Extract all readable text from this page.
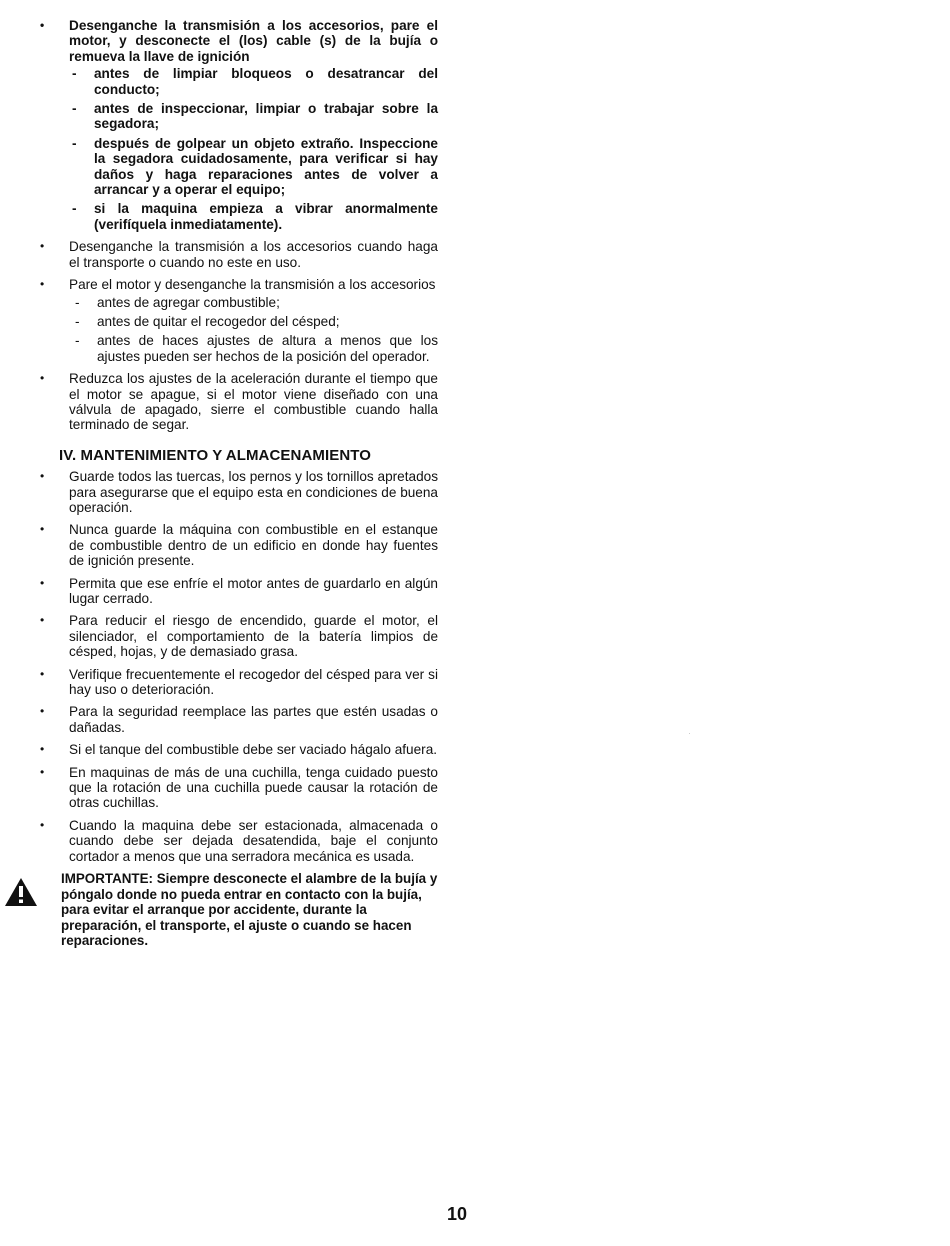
• Desenganche la transmisión a los accesorios, pare el motor, y desconecte el (los) cable (s) de la bujía o remueva la llave de ignición
- antes de limpiar bloqueos o desatrancar del conducto;
- antes de inspeccionar, limpiar o trabajar sobre la segadora;
- después de golpear un objeto extraño. Inspeccione la segadora cuidadosamente, para verificar si hay daños y haga reparaciones antes de volver a arrancar y a operar el equipo;
- si la maquina empieza a vibrar anormalmente (verifíquela inmediatamente).
• Desenganche la transmisión a los accesorios cuando haga el transporte o cuando no este en uso.
• Pare el motor y desenganche la transmisión a los accesorios
- antes de agregar combustible;
- antes de quitar el recogedor del césped;
- antes de haces ajustes de altura a menos que los ajustes pueden ser hechos de la posición del operador.
• Reduzca los ajustes de la aceleración durante el tiempo que el motor se apague, si el motor viene diseñado con una válvula de apagado, sierre el combustible cuando halla terminado de segar.
IV. MANTENIMIENTO Y ALMACENAMIENTO
• Guarde todos las tuercas, los pernos y los tornillos apretados para asegurarse que el equipo esta en condiciones de buena operación.
• Nunca guarde la máquina con combustible en el estanque de combustible dentro de un edificio en donde hay fuentes de ignición presente.
• Permita que ese enfríe el motor antes de guardarlo en algún lugar cerrado.
• Para reducir el riesgo de encendido, guarde el motor, el silenciador, el comportamiento de la batería limpios de césped, hojas, y de demasiado grasa.
• Verifique frecuentemente el recogedor del césped para ver si hay uso o deterioración.
• Para la seguridad reemplace las partes que estén usadas o dañadas.
• Si el tanque del combustible debe ser vaciado hágalo afuera.
• En maquinas de más de una cuchilla, tenga cuidado puesto que la rotación de una cuchilla puede causar la rotación de otras cuchillas.
• Cuando la maquina debe ser estacionada, almacenada o cuando debe ser dejada desatendida, baje el conjunto cortador a menos que una serradora mecánica es usada.
IMPORTANTE: Siempre desconecte el alambre de la bujía y póngalo donde no pueda entrar en contacto con la bujía, para evitar el arranque por accidente, durante la preparación, el transporte, el ajuste o cuando se hacen reparaciones.
10
